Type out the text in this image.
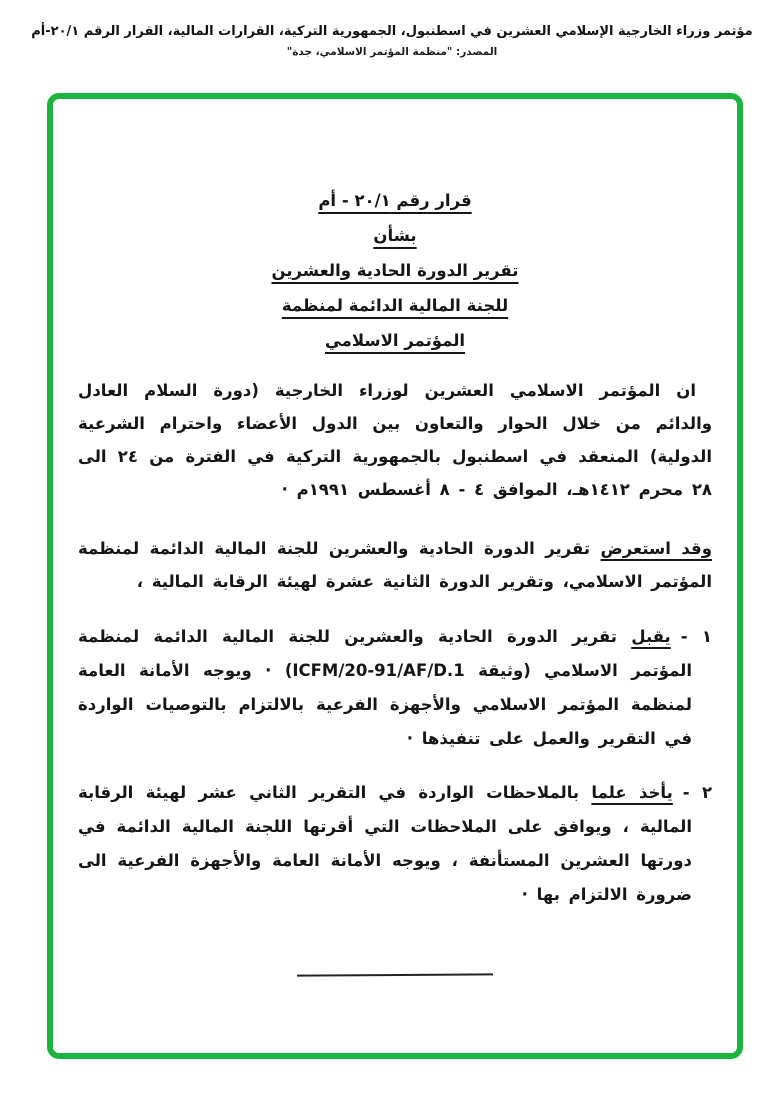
مؤتمر وزراء الخارجية الإسلامي العشرين في اسطنبول، الجمهورية التركية، القرارات المالية، القرار الرقم ٢٠/١-أم
المصدر: "منظمة المؤتمر الاسلامي، جدة"
قرار رقم ٢٠/١ - أم
بشأن
تقرير الدورة الحادية والعشرين
للجنة المالية الدائمة لمنظمة
المؤتمر الاسلامي

ان المؤتمر الاسلامي العشرين لوزراء الخارجية (دورة السلام العادل والدائم من خلال الحوار والتعاون بين الدول الأعضاء واحترام الشرعية الدولية) المنعقد في اسطنبول بالجمهورية التركية في الفترة من ٢٤ الى ٢٨ محرم ١٤١٢هـ، الموافق ٤ - ٨ أغسطس ١٩٩١م ·

وقد استعرض تقرير الدورة الحادية والعشرين للجنة المالية الدائمة لمنظمة المؤتمر الاسلامي، وتقرير الدورة الثانية عشرة لهيئة الرقابة المالية ،

١ -يقبل تقرير الدورة الحادية والعشرين للجنة المالية الدائمة لمنظمة المؤتمر الاسلامي (وثيقة ICFM/20-91/AF/D.1) · ويوجه الأمانة العامة لمنظمة المؤتمر الاسلامي والأجهزة الفرعية بالالتزام بالتوصيات الواردة في التقرير والعمل على تنفيذها ·
٢ -يأخذ علما بالملاحظات الواردة في التقرير الثاني عشر لهيئة الرقابة المالية ، ويوافق على الملاحظات التي أقرتها اللجنة المالية الدائمة في دورتها العشرين المستأنفة ، ويوجه الأمانة العامة والأجهزة الفرعية الى ضرورة الالتزام بها ·
